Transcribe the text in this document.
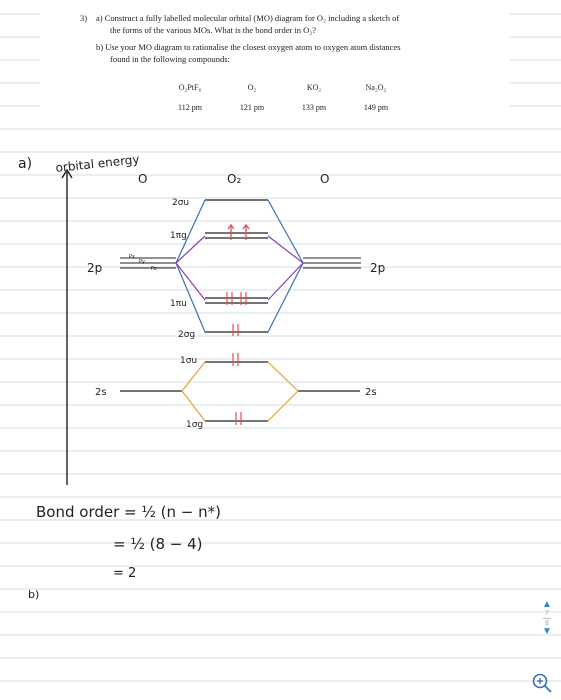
3) a) Construct a fully labelled molecular orbital (MO) diagram for O₂ including a sketch of
the forms of the various MOs. What is the bond order in O₂?
b) Use your MO diagram to rationalise the closest oxygen atom to oxygen atom distances
found in the following compounds:
O₂PtF₆	O₂	KO₂	Na₂O₂
112 pm	121 pm	133 pm	149 pm
a) orbital energy
O	O₂	O
2σu
1πg
2p
Px
Py
Pz	2p
1πu
2σg
1σu
2s	2s
1σg
b)
Bond order = ½ (n − n*)
= ½ (8 − 4)
= 2
▲
7
8
▼
